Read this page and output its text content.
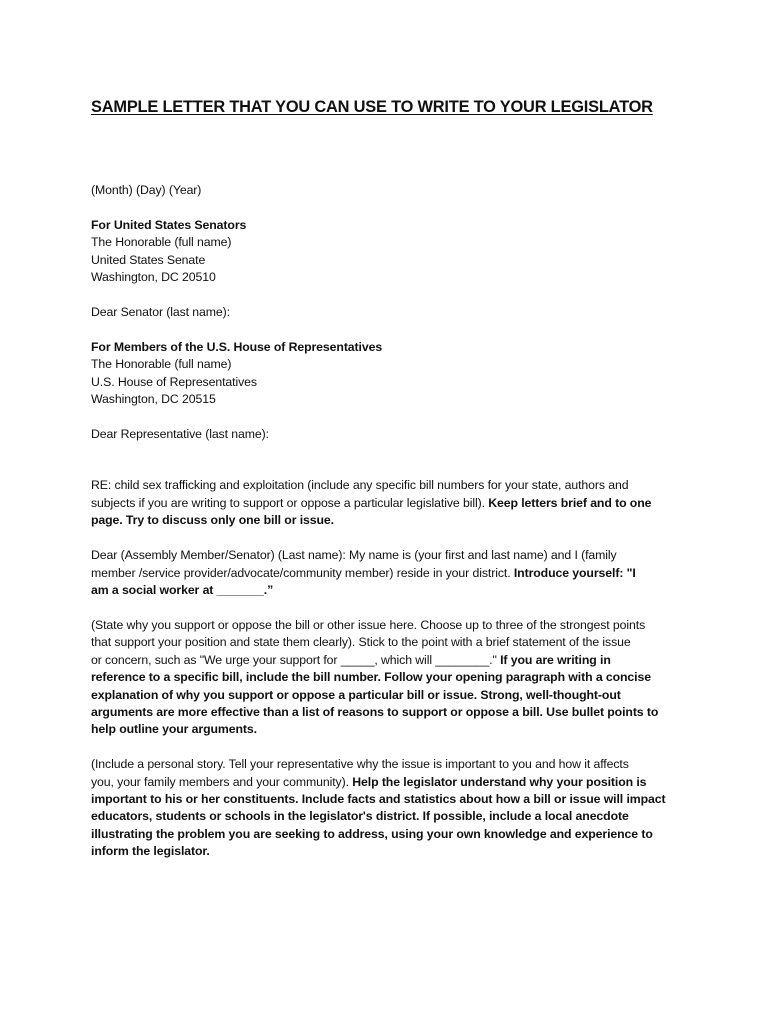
SAMPLE LETTER THAT YOU CAN USE TO WRITE TO YOUR LEGISLATOR

(Month) (Day) (Year)

For United States Senators

The Honorable (full name)

United States Senate

Washington, DC 20510

Dear Senator (last name):

For Members of the U.S. House of Representatives

The Honorable (full name)

U.S. House of Representatives

Washington, DC 20515

Dear Representative (last name):

RE: child sex trafficking and exploitation (include any specific bill numbers for your state, authors and

subjects if you are writing to support or oppose a particular legislative bill). Keep letters brief and to one

page. Try to discuss only one bill or issue.

Dear (Assembly Member/Senator) (Last name): My name is (your first and last name) and I (family

member /service provider/advocate/community member) reside in your district. Introduce yourself: "I

am a social worker at _______.”

(State why you support or oppose the bill or other issue here. Choose up to three of the strongest points

that support your position and state them clearly). Stick to the point with a brief statement of the issue

or concern, such as "We urge your support for _____, which will ________." If you are writing in

reference to a specific bill, include the bill number. Follow your opening paragraph with a concise

explanation of why you support or oppose a particular bill or issue. Strong, well-thought-out

arguments are more effective than a list of reasons to support or oppose a bill. Use bullet points to

help outline your arguments.

(Include a personal story. Tell your representative why the issue is important to you and how it affects

you, your family members and your community). Help the legislator understand why your position is

important to his or her constituents. Include facts and statistics about how a bill or issue will impact

educators, students or schools in the legislator's district. If possible, include a local anecdote

illustrating the problem you are seeking to address, using your own knowledge and experience to

inform the legislator.
